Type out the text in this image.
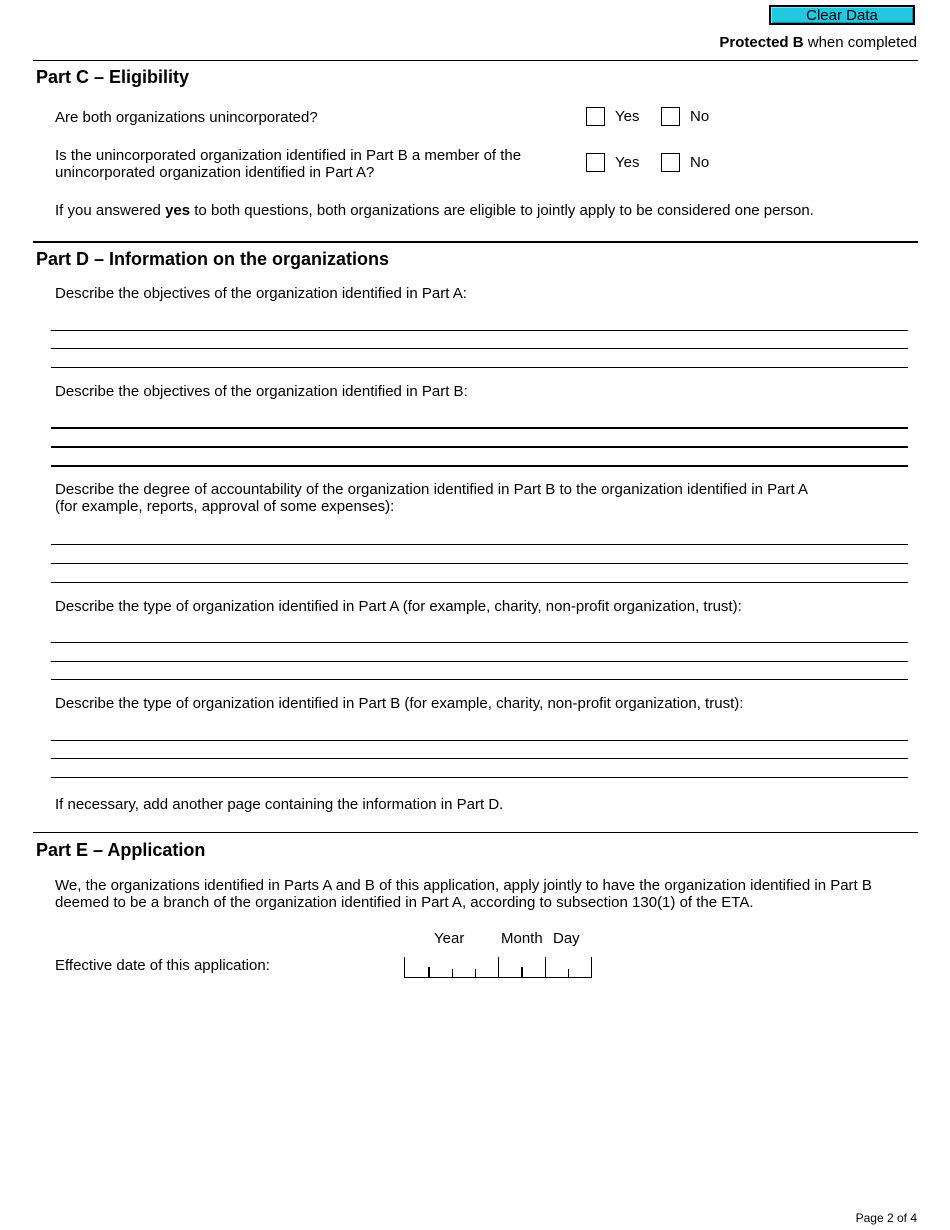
Clear Data
Protected B when completed
Part C – Eligibility
Are both organizations unincorporated?	Yes	No
Is the unincorporated organization identified in Part B a member of the
unincorporated organization identified in Part A?
Yes	No
If you answered yes to both questions, both organizations are eligible to jointly apply to be considered one person.
Part D – Information on the organizations
Describe the objectives of the organization identified in Part A:
Describe the objectives of the organization identified in Part B:
Describe the degree of accountability of the organization identified in Part B to the organization identified in Part A
(for example, reports, approval of some expenses):
Describe the type of organization identified in Part A (for example, charity, non-profit organization, trust):
Describe the type of organization identified in Part B (for example, charity, non-profit organization, trust):
If necessary, add another page containing the information in Part D.
Part E – Application
We, the organizations identified in Parts A and B of this application, apply jointly to have the organization identified in Part B
deemed to be a branch of the organization identified in Part A, according to subsection 130(1) of the ETA.
Year Month Day
Effective date of this application:
Page 2 of 4
